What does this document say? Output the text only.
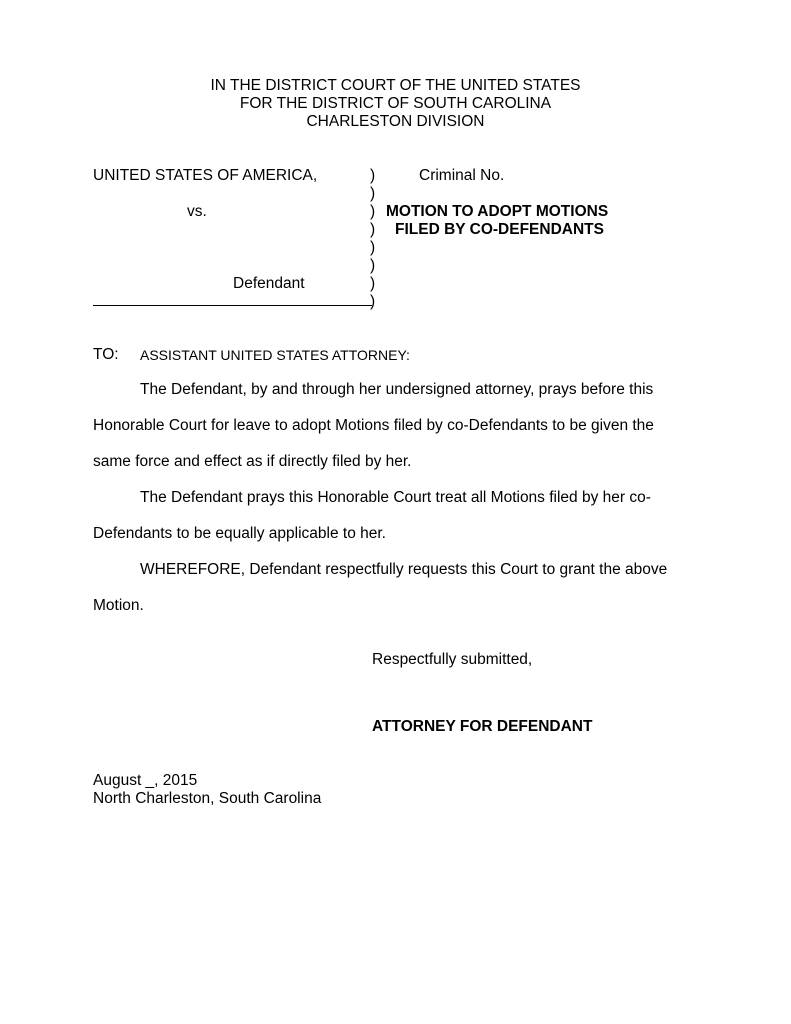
IN THE DISTRICT COURT OF THE UNITED STATES
FOR THE DISTRICT OF SOUTH CAROLINA
CHARLESTON DIVISION
UNITED STATES OF AMERICA,
vs.
Defendant
)
)
)
)
)
)
)
)
Criminal No.
MOTION TO ADOPT MOTIONS
FILED BY CO-DEFENDANTS
TO: ASSISTANT UNITED STATES ATTORNEY:
The Defendant, by and through her undersigned attorney, prays before this
Honorable Court for leave to adopt Motions filed by co-Defendants to be given the
same force and effect as if directly filed by her.
The Defendant prays this Honorable Court treat all Motions filed by her co-
Defendants to be equally applicable to her.
WHEREFORE, Defendant respectfully requests this Court to grant the above
Motion.
Respectfully submitted,
ATTORNEY FOR DEFENDANT
August _, 2015
North Charleston, South Carolina
